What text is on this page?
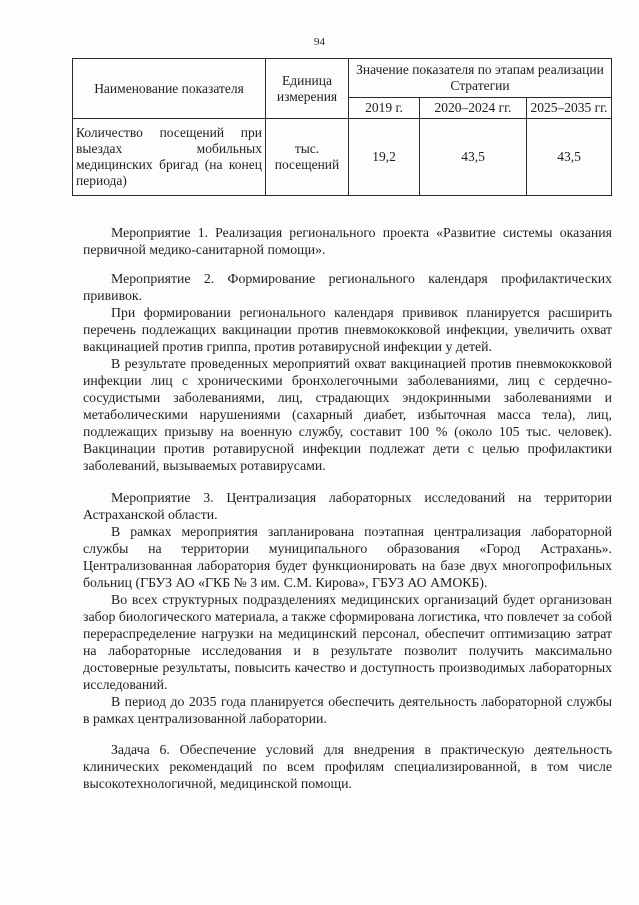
94
Наименование показателя	Единица измерения	Значение показателя по этапам реализации Стратегии		
		2019 г.	2020–2024 гг.	2025–2035 гг.
Количество посещений при выездах мобильных медицинских бригад (на конец периода)	тыс. посещений	19,2	43,5	43,5

Мероприятие 1. Реализация регионального проекта «Развитие системы оказания первичной медико-санитарной помощи».

Мероприятие 2. Формирование регионального календаря профилактических прививок.

При формировании регионального календаря прививок планируется расширить перечень подлежащих вакцинации против пневмококковой инфекции, увеличить охват вакцинацией против гриппа, против ротавирусной инфекции у детей.

В результате проведенных мероприятий охват вакцинацией против пневмококковой инфекции лиц с хроническими бронхолегочными заболеваниями, лиц с сердечно-сосудистыми заболеваниями, лиц, страдающих эндокринными заболеваниями и метаболическими нарушениями (сахарный диабет, избыточная масса тела), лиц, подлежащих призыву на военную службу, составит 100 % (около 105 тыс. человек). Вакцинации против ротавирусной инфекции подлежат дети с целью профилактики заболеваний, вызываемых ротавирусами.

Мероприятие 3. Централизация лабораторных исследований на территории Астраханской области.

В рамках мероприятия запланирована поэтапная централизация лабораторной службы на территории муниципального образования «Город Астрахань». Централизованная лаборатория будет функционировать на базе двух многопрофильных больниц (ГБУЗ АО «ГКБ № 3 им. С.М. Кирова», ГБУЗ АО АМОКБ).

Во всех структурных подразделениях медицинских организаций будет организован забор биологического материала, а также сформирована логистика, что повлечет за собой перераспределение нагрузки на медицинский персонал, обеспечит оптимизацию затрат на лабораторные исследования и в результате позволит получить максимально достоверные результаты, повысить качество и доступность производимых лабораторных исследований.

В период до 2035 года планируется обеспечить деятельность лабораторной службы в рамках централизованной лаборатории.

Задача 6. Обеспечение условий для внедрения в практическую деятельность клинических рекомендаций по всем профилям специализированной, в том числе высокотехнологичной, медицинской помощи.
